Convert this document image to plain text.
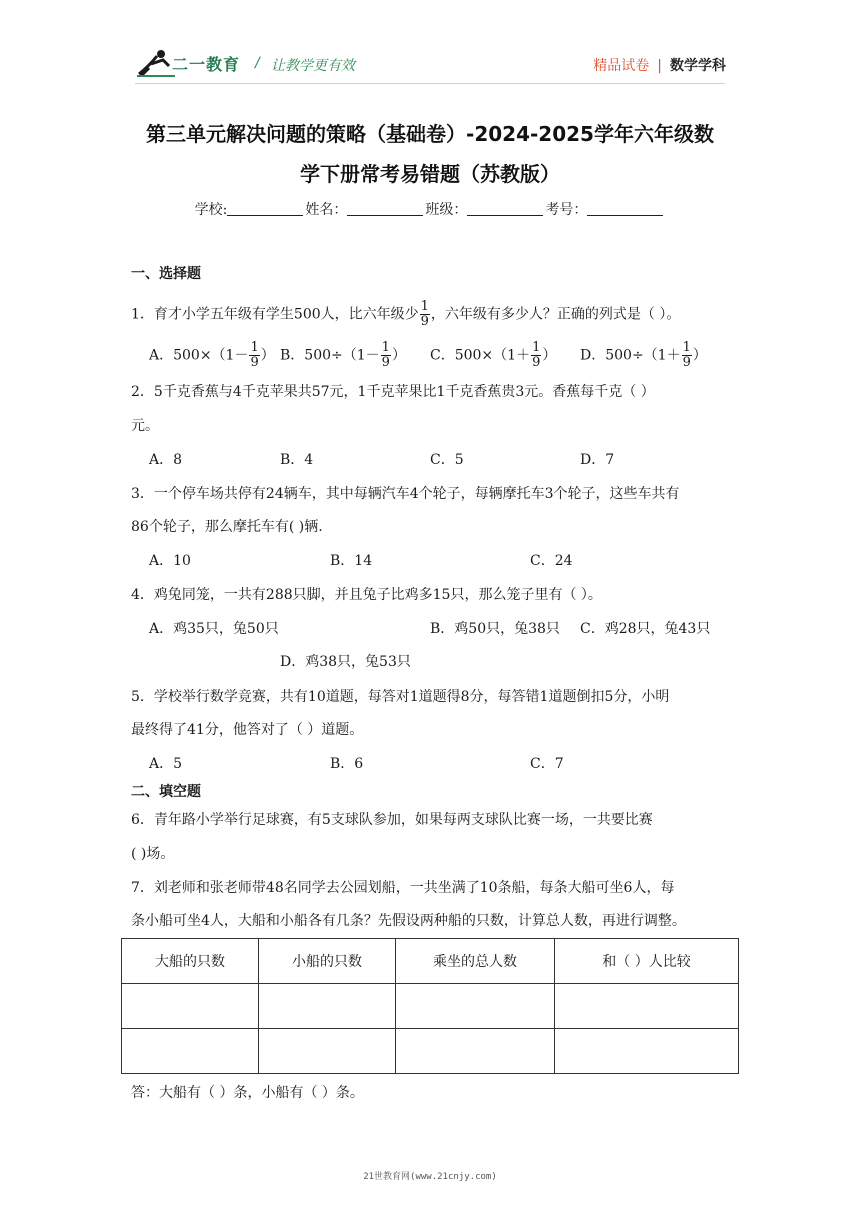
二一教育 / 让教学更有效	精品试卷 | 数学学科
第三单元解决问题的策略（基础卷）-2024-2025学年六年级数
学下册常考易错题（苏教版）
学校:	姓名：	班级：	考号：
一、选择题
1．育才小学五年级有学生500人，比六年级少 $\frac{1}{9}$ ，六年级有多少人？正确的列式是（ ）。
A．$500\times(1- \frac{1}{9}$ ） B．$500\div(1- \frac{1}{9}$ ） C．$500\times(1+ \frac{1}{9}$ ） D．$500\div(1+ \frac{1}{9}$ ）
2．5千克香蕉与4千克苹果共57元，1千克苹果比1千克香蕉贵3元。香蕉每千克（ ）
元。
A．8	B．4	C．5	D．7
3．一个停车场共停有24辆车，其中每辆汽车4个轮子，每辆摩托车3个轮子，这些车共有
86个轮子，那么摩托车有( )辆.
A．10	B．14	C．24
4．鸡兔同笼，一共有288只脚，并且兔子比鸡多15只，那么笼子里有（ ）。
A．鸡35只，兔50只	B．鸡50只，兔38只 C．鸡28只，兔43只
D．鸡38只，兔53只
5．学校举行数学竞赛，共有10道题，每答对1道题得8分，每答错1道题倒扣5分，小明
最终得了41分，他答对了（ ）道题。
A．5	B．6	C．7
二、填空题
6．青年路小学举行足球赛，有5支球队参加，如果每两支球队比赛一场，一共要比赛
( )场。
7．刘老师和张老师带48名同学去公园划船，一共坐满了10条船，每条大船可坐6人，每
条小船可坐4人，大船和小船各有几条？先假设两种船的只数，计算总人数，再进行调整。
大船的只数	小船的只数	乘坐的总人数	和（ ）人比较

答：大船有（ ）条，小船有（ ）条。
21世教育网(www.21cnjy.com)
